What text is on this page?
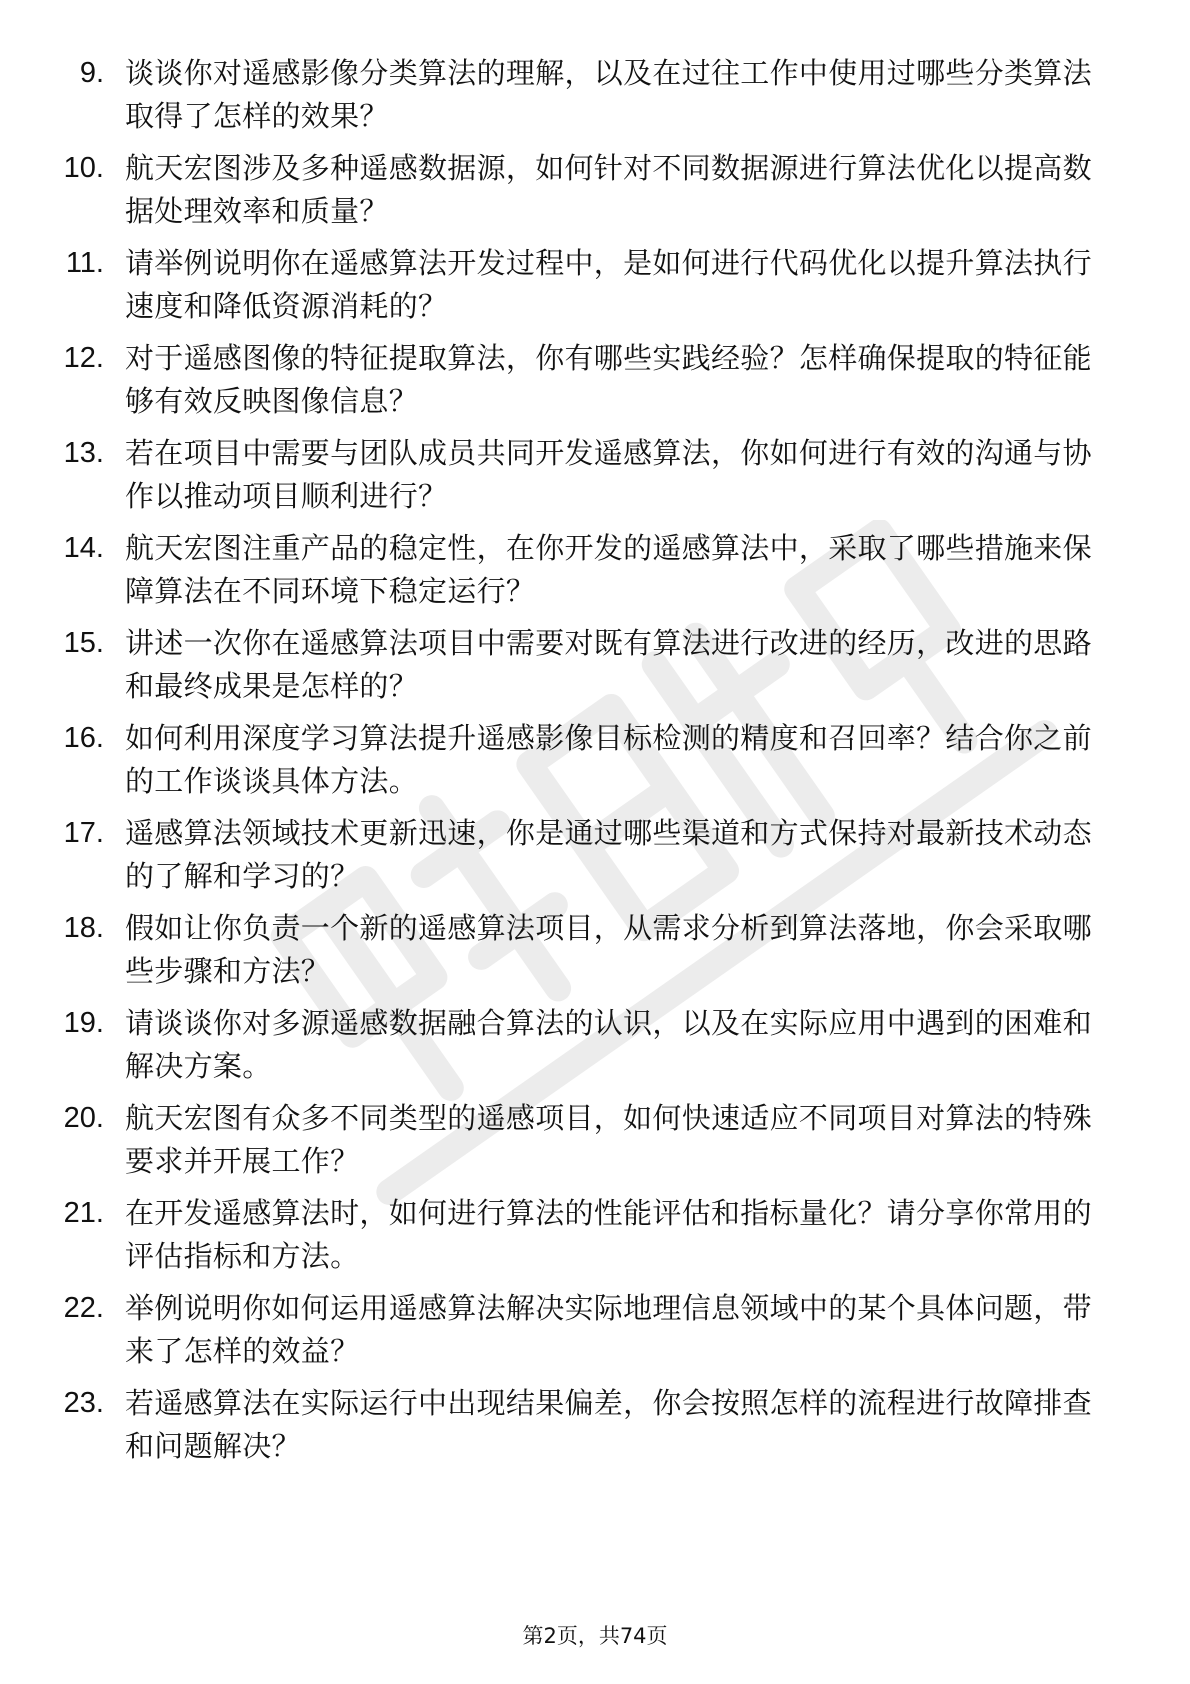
9. 谈谈你对遥感影像分类算法的理解，以及在过往工作中使用过哪些分类算法取得了怎样的效果？
10. 航天宏图涉及多种遥感数据源，如何针对不同数据源进行算法优化以提高数据处理效率和质量？
11. 请举例说明你在遥感算法开发过程中，是如何进行代码优化以提升算法执行速度和降低资源消耗的？
12. 对于遥感图像的特征提取算法，你有哪些实践经验？怎样确保提取的特征能够有效反映图像信息？
13. 若在项目中需要与团队成员共同开发遥感算法，你如何进行有效的沟通与协作以推动项目顺利进行？
14. 航天宏图注重产品的稳定性，在你开发的遥感算法中，采取了哪些措施来保障算法在不同环境下稳定运行？
15. 讲述一次你在遥感算法项目中需要对既有算法进行改进的经历，改进的思路和最终成果是怎样的？
16. 如何利用深度学习算法提升遥感影像目标检测的精度和召回率？结合你之前的工作谈谈具体方法。
17. 遥感算法领域技术更新迅速，你是通过哪些渠道和方式保持对最新技术动态的了解和学习的？
18. 假如让你负责一个新的遥感算法项目，从需求分析到算法落地，你会采取哪些步骤和方法？
19. 请谈谈你对多源遥感数据融合算法的认识，以及在实际应用中遇到的困难和解决方案。
20. 航天宏图有众多不同类型的遥感项目，如何快速适应不同项目对算法的特殊要求并开展工作？
21. 在开发遥感算法时，如何进行算法的性能评估和指标量化？请分享你常用的评估指标和方法。
22. 举例说明你如何运用遥感算法解决实际地理信息领域中的某个具体问题，带来了怎样的效益？
23. 若遥感算法在实际运行中出现结果偏差，你会按照怎样的流程进行故障排查和问题解决？
第2页，共74页
